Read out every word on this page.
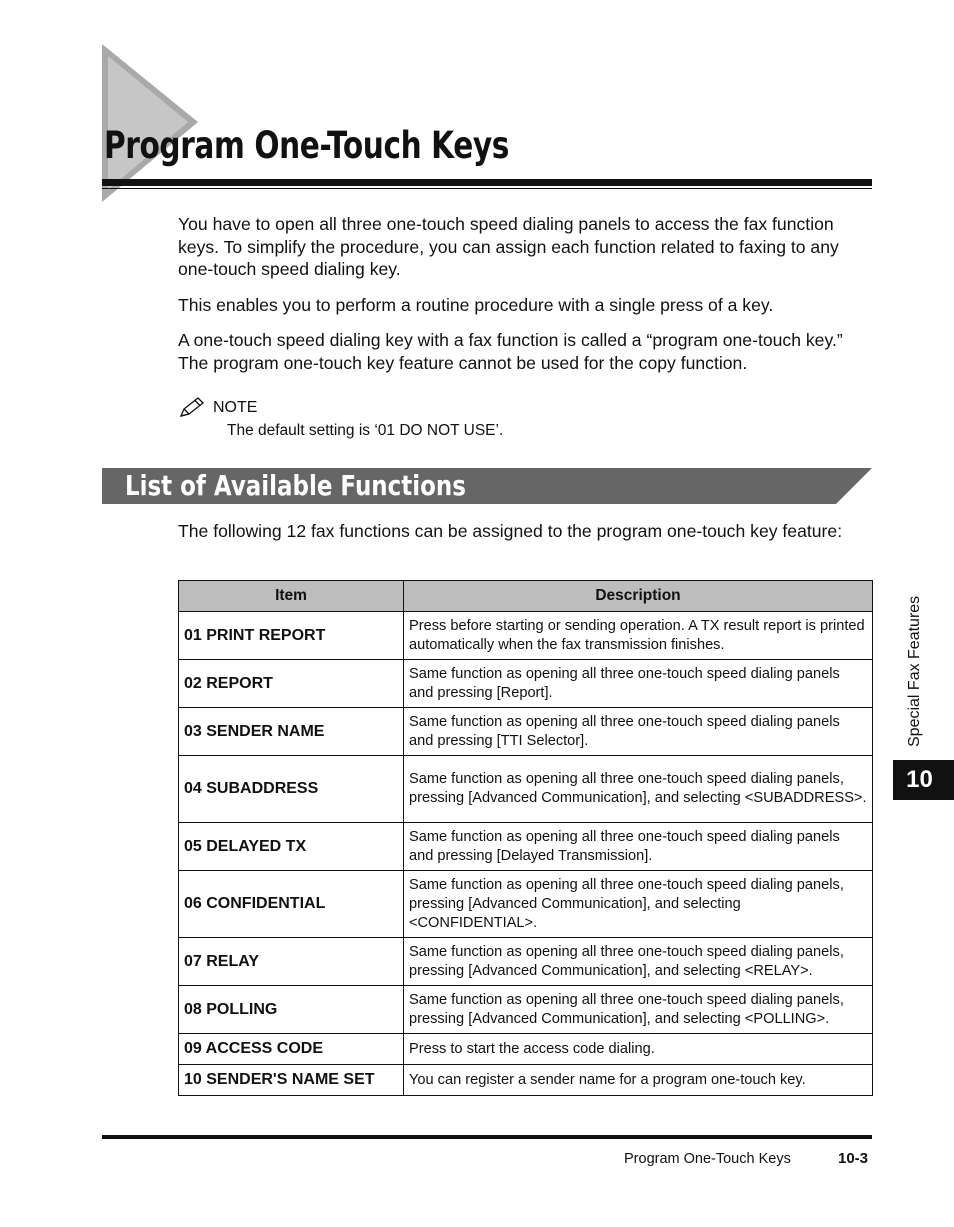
Program One-Touch Keys

You have to open all three one-touch speed dialing panels to access the fax function keys. To simplify the procedure, you can assign each function related to faxing to any one-touch speed dialing key.

This enables you to perform a routine procedure with a single press of a key.

A one-touch speed dialing key with a fax function is called a “program one-touch key.” The program one-touch key feature cannot be used for the copy function.

NOTE
The default setting is ‘01 DO NOT USE’.
List of Available Functions

The following 12 fax functions can be assigned to the program one-touch key feature:

Item	Description
01 PRINT REPORT	Press before starting or sending operation. A TX result report is printed automatically when the fax transmission finishes.
02 REPORT	Same function as opening all three one-touch speed dialing panels and pressing [Report].
03 SENDER NAME	Same function as opening all three one-touch speed dialing panels and pressing [TTI Selector].
04 SUBADDRESS	Same function as opening all three one-touch speed dialing panels, pressing [Advanced Communication], and selecting <SUBADDRESS>.
05 DELAYED TX	Same function as opening all three one-touch speed dialing panels and pressing [Delayed Transmission].
06 CONFIDENTIAL	Same function as opening all three one-touch speed dialing panels, pressing [Advanced Communication], and selecting <CONFIDENTIAL>.
07 RELAY	Same function as opening all three one-touch speed dialing panels, pressing [Advanced Communication], and selecting <RELAY>.
08 POLLING	Same function as opening all three one-touch speed dialing panels, pressing [Advanced Communication], and selecting <POLLING>.
09 ACCESS CODE	Press to start the access code dialing.
10 SENDER'S NAME SET	You can register a sender name for a program one-touch key.
Special Fax Features
10
Program One-Touch Keys	10-3
